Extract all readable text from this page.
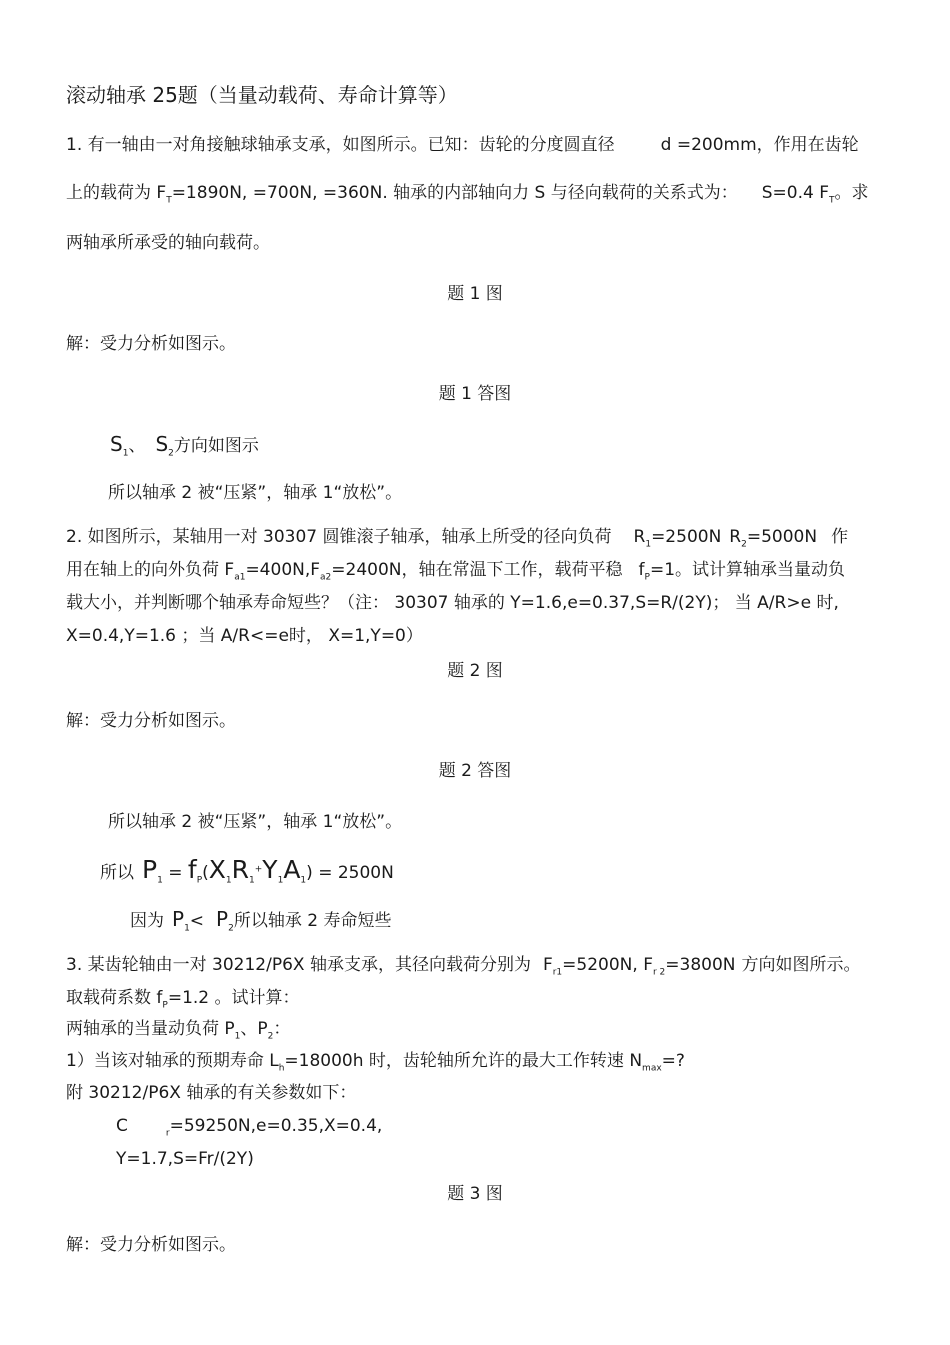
滚动轴承 25题（当量动载荷、寿命计算等）
1. 有一轴由一对角接触球轴承支承，如图所示。已知：齿轮的分度圆直径	d =200mm，作用在齿轮
上的载荷为 $F_T=1890N$, =700N, =360N. 轴承的内部轴向力 S 与径向载荷的关系式为： S=0.4 $F_T$。求
两轴承所承受的轴向载荷。
题 1 图
解：受力分析如图示。
题 1 答图
$S_1$、 $S_2$方向如图示
所以轴承 2 被“压紧”，轴承 1“放松”。
2. 如图所示，某轴用一对 30307 圆锥滚子轴承，轴承上所受的径向负荷 $R_1=2500N$ $R_2=5000N$ 作
用在轴上的向外负荷 $F_{a1}=400N,F_{a2}=2400N$，轴在常温下工作，载荷平稳 $f_P=1$。试计算轴承当量动负
载大小，并判断哪个轴承寿命短些？（注： 30307 轴承的 Y=1.6,e=0.37,S=R/(2Y)； 当 A/R>e 时,
X=0.4,Y=1.6 ；当 A/R<=e时， X=1,Y=0）
题 2 图
解：受力分析如图示。
题 2 答图
所以轴承 2 被“压紧”，轴承 1“放松”。
所以 $P_1 = f_P(X_1R_1^+Y_1A_1) = 2500N$
因为 $P_1< P_2$所以轴承 2 寿命短些
3. 某齿轮轴由一对 30212/P6X 轴承支承，其径向载荷分别为 $F_{r1}=5200N$, $F_{r 2}=3800N$ 方向如图所示。
取载荷系数 $f_P=1.2$ 。试计算：
两轴承的当量动负荷 $P_1$、$P_2$：
1）当该对轴承的预期寿命 $L_h=18000h$ 时，齿轮轴所允许的最大工作转速 $N_{max}=$?
附 30212/P6X 轴承的有关参数如下：
C	$_r$=59250N,e=0.35,X=0.4,
Y=1.7,S=Fr/(2Y)
题 3 图
解：受力分析如图示。
